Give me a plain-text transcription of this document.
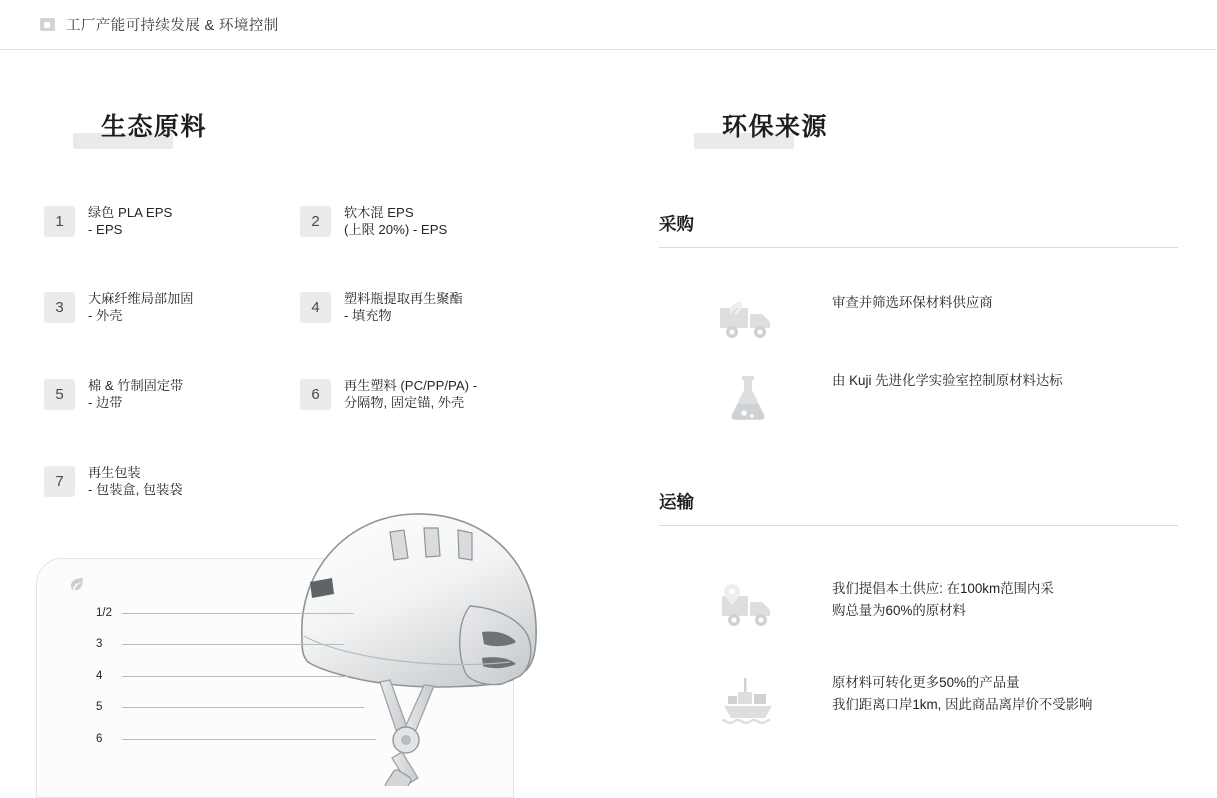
工厂产能可持续发展 & 环境控制
生态原料
1
绿色 PLA EPS
- EPS	2
软木混 EPS
(上限 20%) - EPS
3
大麻纤维局部加固
- 外壳	4
塑料瓶提取再生聚酯
- 填充物
5
棉 & 竹制固定带
- 边带	6
再生塑料 (PC/PP/PA) -
分隔物, 固定锚, 外壳
7
再生包装
- 包装盒, 包装袋
1/2
3
4
5
6
环保来源
采购
审查并筛选环保材料供应商
由 Kuji 先进化学实验室控制原材料达标
运输
我们提倡本土供应: 在100km范围内采
购总量为60%的原材料
原材料可转化更多50%的产品量
我们距离口岸1km, 因此商品离岸价不受影响
